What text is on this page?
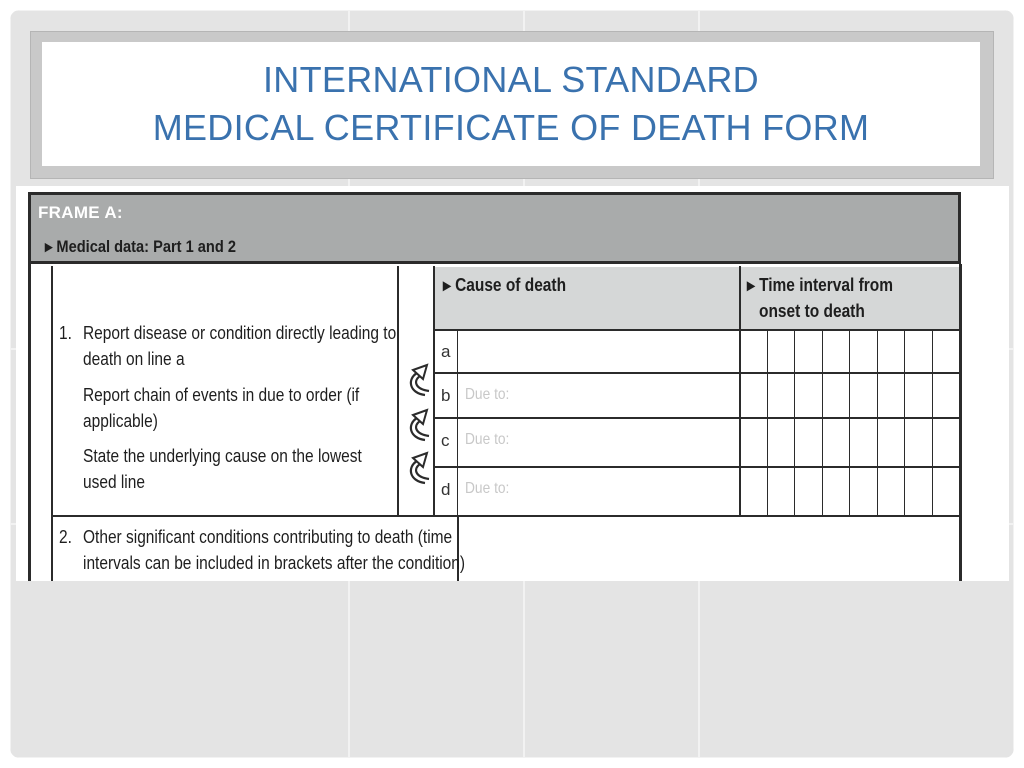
INTERNATIONAL STANDARD
MEDICAL CERTIFICATE OF DEATH FORM
FRAME A:
▸ Medical data: Part 1 and 2
▸ Cause of death	▸ Time interval from
onset to death
1. Report disease or condition directly leading to
death on line a
Report chain of events in due to order (if
applicable)
State the underlying cause on the lowest
used line
a
b
c
d
Due to:
Due to:
Due to:
2. Other significant conditions contributing to death (time
intervals can be included in brackets after the condition)
